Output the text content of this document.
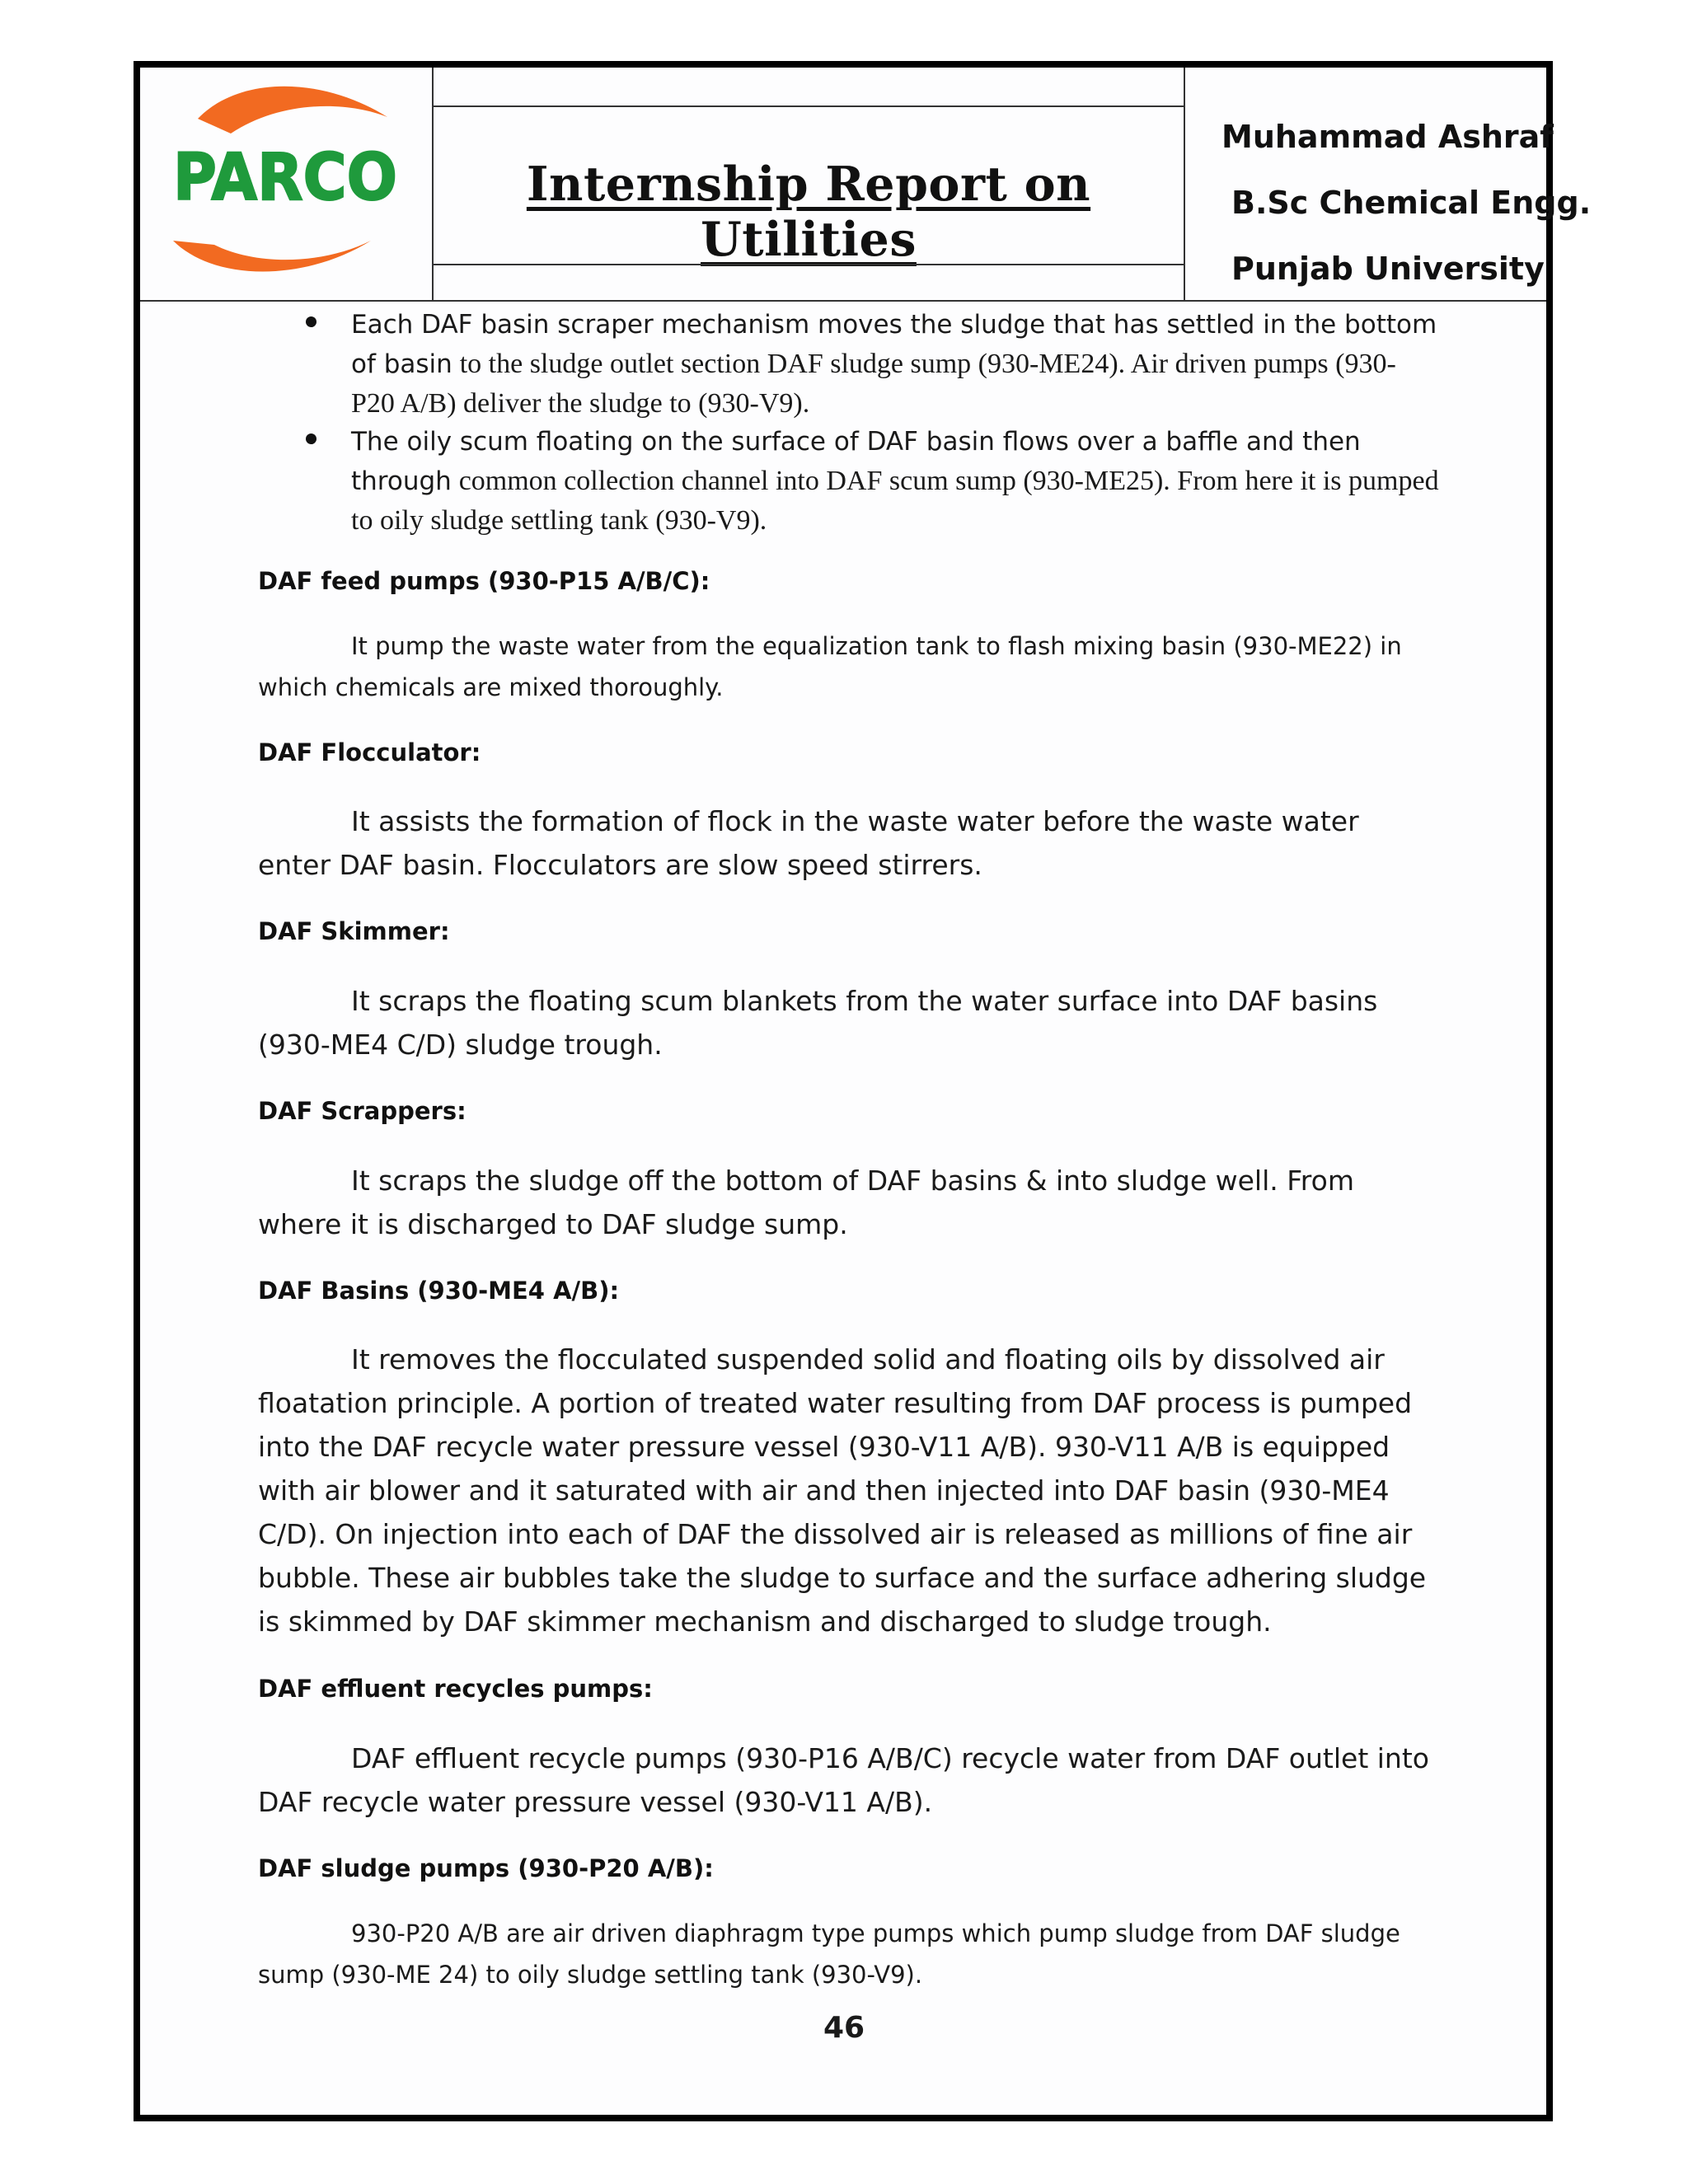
PARCO	Internship Report on Utilities
Muhammad Ashraf
B.Sc Chemical Engg.
Punjab University
Each DAF basin scraper mechanism moves the sludge that has settled in the bottom of basin to the sludge outlet section DAF sludge sump (930-ME24). Air driven pumps (930-P20 A/B) deliver the sludge to (930-V9).
The oily scum floating on the surface of DAF basin flows over a baffle and then through common collection channel into DAF scum sump (930-ME25). From here it is pumped to oily sludge settling tank (930-V9).
DAF feed pumps (930-P15 A/B/C):
It pump the waste water from the equalization tank to flash mixing basin (930-ME22) in which chemicals are mixed thoroughly.
DAF Flocculator:
It assists the formation of flock in the waste water before the waste water enter DAF basin. Flocculators are slow speed stirrers.
DAF Skimmer:
It scraps the floating scum blankets from the water surface into DAF basins (930-ME4 C/D) sludge trough.
DAF Scrappers:
It scraps the sludge off the bottom of DAF basins & into sludge well. From where it is discharged to DAF sludge sump.
DAF Basins (930-ME4 A/B):
It removes the flocculated suspended solid and floating oils by dissolved air floatation principle. A portion of treated water resulting from DAF process is pumped into the DAF recycle water pressure vessel (930-V11 A/B). 930-V11 A/B is equipped with air blower and it saturated with air and then injected into DAF basin (930-ME4 C/D). On injection into each of DAF the dissolved air is released as millions of fine air bubble. These air bubbles take the sludge to surface and the surface adhering sludge is skimmed by DAF skimmer mechanism and discharged to sludge trough.
DAF effluent recycles pumps:
DAF effluent recycle pumps (930-P16 A/B/C) recycle water from DAF outlet into DAF recycle water pressure vessel (930-V11 A/B).
DAF sludge pumps (930-P20 A/B):
930-P20 A/B are air driven diaphragm type pumps which pump sludge from DAF sludge sump (930-ME 24) to oily sludge settling tank (930-V9).
46
